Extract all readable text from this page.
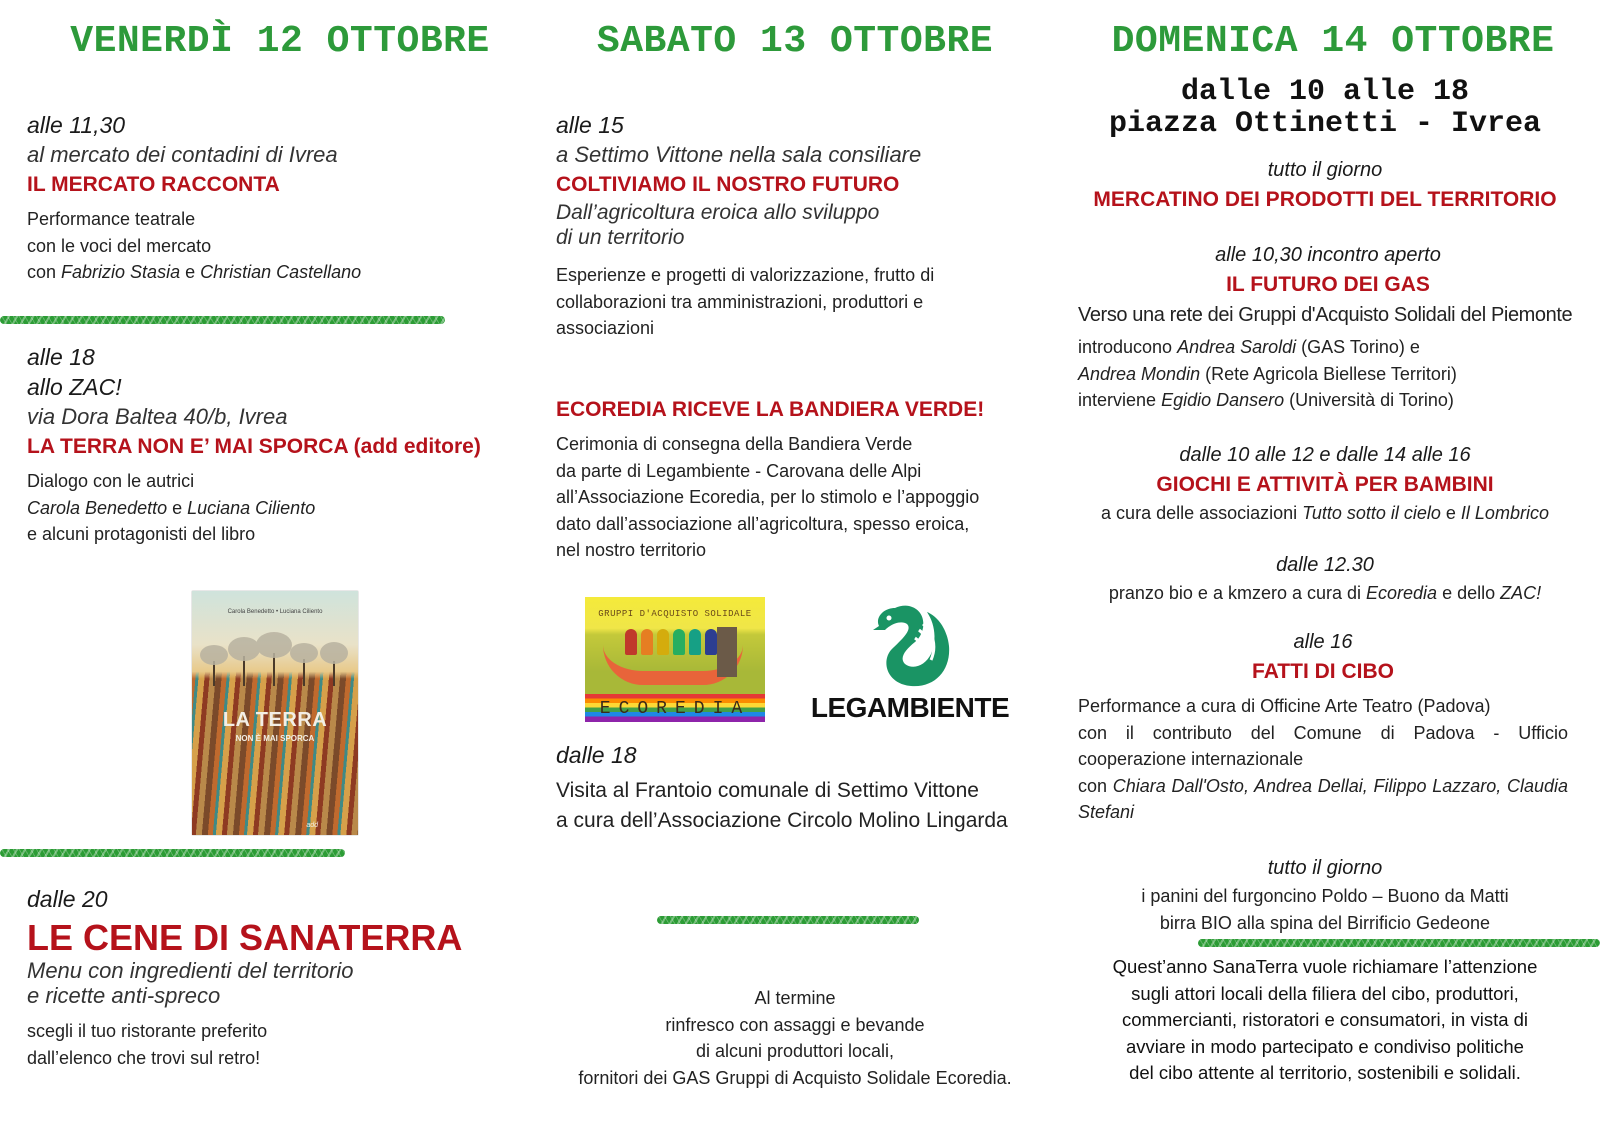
VENERDÌ 12 OTTOBRE
alle 11,30
al mercato dei contadini di Ivrea
IL MERCATO RACCONTA
Performance teatrale
con le voci del mercato
con Fabrizio Stasia e Christian Castellano
alle 18
allo ZAC!
via Dora Baltea 40/b, Ivrea
LA TERRA NON E’ MAI SPORCA (add editore)
Dialogo con le autrici
Carola Benedetto e Luciana Ciliento
e alcuni protagonisti del libro
Carola Benedetto • Luciana Ciliento
LA TERRA
NON È MAI SPORCA
add
dalle 20
LE CENE DI SANATERRA
Menu con ingredienti del territorio
e ricette anti-spreco
scegli il tuo ristorante preferito
dall’elenco che trovi sul retro!
SABATO 13 OTTOBRE
alle 15
a Settimo Vittone nella sala consiliare
COLTIVIAMO IL NOSTRO FUTURO
Dall’agricoltura eroica allo sviluppo
di un territorio
Esperienze e progetti di valorizzazione, frutto di
collaborazioni tra amministrazioni, produttori e
associazioni
ECOREDIA RICEVE LA BANDIERA VERDE!
Cerimonia di consegna della Bandiera Verde
da parte di Legambiente - Carovana delle Alpi
all’Associazione Ecoredia, per lo stimolo e l’appoggio
dato dall’associazione all’agricoltura, spesso eroica,
nel nostro territorio
GRUPPI D'ACQUISTO SOLIDALE
ECOREDIA	LEGAMBIENTE
dalle 18
Visita al Frantoio comunale di Settimo Vittone
a cura dell’Associazione Circolo Molino Lingarda
Al termine
rinfresco con assaggi e bevande
di alcuni produttori locali,
fornitori dei GAS Gruppi di Acquisto Solidale Ecoredia.
DOMENICA 14 OTTOBRE
dalle 10 alle 18
piazza Ottinetti - Ivrea
tutto il giorno
MERCATINO DEI PRODOTTI DEL TERRITORIO
alle 10,30 incontro aperto
IL FUTURO DEI GAS
Verso una rete dei Gruppi d'Acquisto Solidali del Piemonte
introducono Andrea Saroldi (GAS Torino) e
Andrea Mondin (Rete Agricola Biellese Territori)
interviene Egidio Dansero (Università di Torino)
dalle 10 alle 12 e dalle 14 alle 16
GIOCHI E ATTIVITÀ PER BAMBINI
a cura delle associazioni Tutto sotto il cielo e Il Lombrico
dalle 12.30
pranzo bio e a kmzero a cura di Ecoredia e dello ZAC!
alle 16
FATTI DI CIBO
Performance a cura di Officine Arte Teatro (Padova)
con il contributo del Comune di Padova - Ufficio cooperazione internazionale
con Chiara Dall'Osto, Andrea Dellai, Filippo Lazzaro, Claudia Stefani
tutto il giorno
i panini del furgoncino Poldo – Buono da Matti
birra BIO alla spina del Birrificio Gedeone
Quest’anno SanaTerra vuole richiamare l’attenzione
sugli attori locali della filiera del cibo, produttori,
commercianti, ristoratori e consumatori, in vista di
avviare in modo partecipato e condiviso politiche
del cibo attente al territorio, sostenibili e solidali.
